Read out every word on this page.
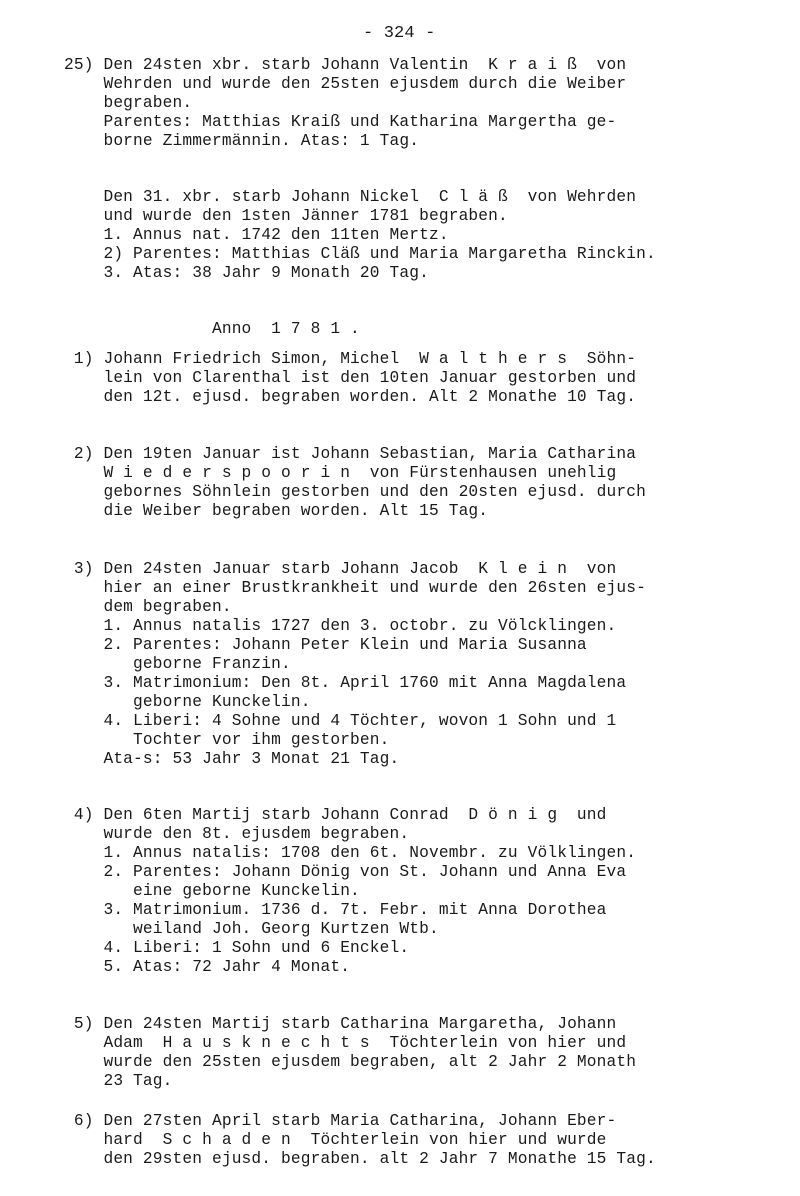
- 324 -
25) Den 24sten xbr. starb Johann Valentin  K r a i ß  von
Wehrden und wurde den 25sten ejusdem durch die Weiber
begraben.
Parentes: Matthias Kraiß und Katharina Margertha ge-
borne Zimmermännin. Atas: 1 Tag.
Den 31. xbr. starb Johann Nickel  C l ä ß  von Wehrden
und wurde den 1sten Jänner 1781 begraben.
1. Annus nat. 1742 den 11ten Mertz.
2) Parentes: Matthias Cläß und Maria Margaretha Rinckin.
3. Atas: 38 Jahr 9 Monath 20 Tag.
Anno  1 7 8 1 .
1) Johann Friedrich Simon, Michel  W a l t h e r s  Söhn-
lein von Clarenthal ist den 10ten Januar gestorben und
den 12t. ejusd. begraben worden. Alt 2 Monathe 10 Tag.
2) Den 19ten Januar ist Johann Sebastian, Maria Catharina
W i e d e r s p o o r i n  von Fürstenhausen unehlig
gebornes Söhnlein gestorben und den 20sten ejusd. durch
die Weiber begraben worden. Alt 15 Tag.
3) Den 24sten Januar starb Johann Jacob  K l e i n  von
hier an einer Brustkrankheit und wurde den 26sten ejus-
dem begraben.
1. Annus natalis 1727 den 3. octobr. zu Völcklingen.
2. Parentes: Johann Peter Klein und Maria Susanna
geborne Franzin.
3. Matrimonium: Den 8t. April 1760 mit Anna Magdalena
geborne Kunckelin.
4. Liberi: 4 Sohne und 4 Töchter, wovon 1 Sohn und 1
Tochter vor ihm gestorben.
Ata-s: 53 Jahr 3 Monat 21 Tag.
4) Den 6ten Martij starb Johann Conrad  D ö n i g  und
wurde den 8t. ejusdem begraben.
1. Annus natalis: 1708 den 6t. Novembr. zu Völklingen.
2. Parentes: Johann Dönig von St. Johann und Anna Eva
eine geborne Kunckelin.
3. Matrimonium. 1736 d. 7t. Febr. mit Anna Dorothea
weiland Joh. Georg Kurtzen Wtb.
4. Liberi: 1 Sohn und 6 Enckel.
5. Atas: 72 Jahr 4 Monat.
5) Den 24sten Martij starb Catharina Margaretha, Johann
Adam  H a u s k n e c h t s  Töchterlein von hier und
wurde den 25sten ejusdem begraben, alt 2 Jahr 2 Monath
23 Tag.
6) Den 27sten April starb Maria Catharina, Johann Eber-
hard  S c h a d e n  Töchterlein von hier und wurde
den 29sten ejusd. begraben. alt 2 Jahr 7 Monathe 15 Tag.
